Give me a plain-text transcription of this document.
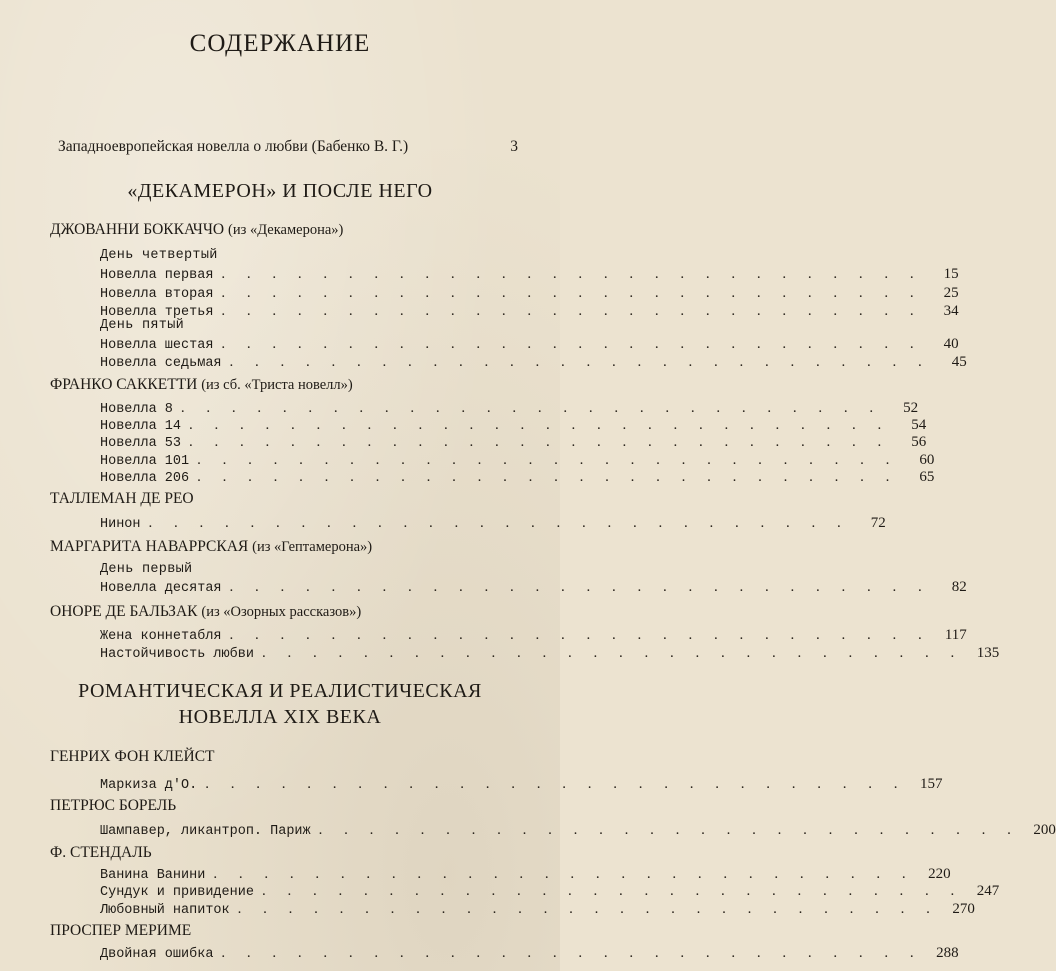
СОДЕРЖАНИЕ
Западноевропейская новелла о любви (Бабенко В. Г.)	3
«ДЕКАМЕРОН» И ПОСЛЕ НЕГО
ДЖОВАННИ БОККАЧЧО (из «Декамерона»)
День четвертый
Новелла первая . . . . . . . . . . . . . . . . . . . . . . . . . . . .	15
Новелла вторая . . . . . . . . . . . . . . . . . . . . . . . . . . . .	25
Новелла третья . . . . . . . . . . . . . . . . . . . . . . . . . . . .	34
День пятый
Новелла шестая . . . . . . . . . . . . . . . . . . . . . . . . . . . .	40
Новелла седьмая . . . . . . . . . . . . . . . . . . . . . . . . . . . .	45
ФРАНКО САККЕТТИ (из сб. «Триста новелл»)
Новелла 8 . . . . . . . . . . . . . . . . . . . . . . . . . . . .	52
Новелла 14 . . . . . . . . . . . . . . . . . . . . . . . . . . . .	54
Новелла 53 . . . . . . . . . . . . . . . . . . . . . . . . . . . .	56
Новелла 101 . . . . . . . . . . . . . . . . . . . . . . . . . . . .	60
Новелла 206 . . . . . . . . . . . . . . . . . . . . . . . . . . . .	65
ТАЛЛЕМАН ДЕ РЕО
Нинон . . . . . . . . . . . . . . . . . . . . . . . . . . . .	72
МАРГАРИТА НАВАРРСКАЯ (из «Гептамерона»)
День первый
Новелла десятая . . . . . . . . . . . . . . . . . . . . . . . . . . . .	82
ОНОРЕ ДЕ БАЛЬЗАК (из «Озорных рассказов»)
Жена коннетабля . . . . . . . . . . . . . . . . . . . . . . . . . . . . 117
Настойчивость любви . . . . . . . . . . . . . . . . . . . . . . . . . . . . 135
РОМАНТИЧЕСКАЯ И РЕАЛИСТИЧЕСКАЯ
НОВЕЛЛА XIX ВЕКА
ГЕНРИХ ФОН КЛЕЙСТ
Маркиза д'О. . . . . . . . . . . . . . . . . . . . . . . . . . . . . 157
ПЕТРЮС БОРЕЛЬ
Шампавер, ликантроп. Париж . . . . . . . . . . . . . . . . . . . . . . . . . . . . 200
Ф. СТЕНДАЛЬ
Ванина Ванини . . . . . . . . . . . . . . . . . . . . . . . . . . . . 220
Сундук и привидение . . . . . . . . . . . . . . . . . . . . . . . . . . . . 247
Любовный напиток . . . . . . . . . . . . . . . . . . . . . . . . . . . . 270
ПРОСПЕР МЕРИМЕ
Двойная ошибка . . . . . . . . . . . . . . . . . . . . . . . . . . . . 288
